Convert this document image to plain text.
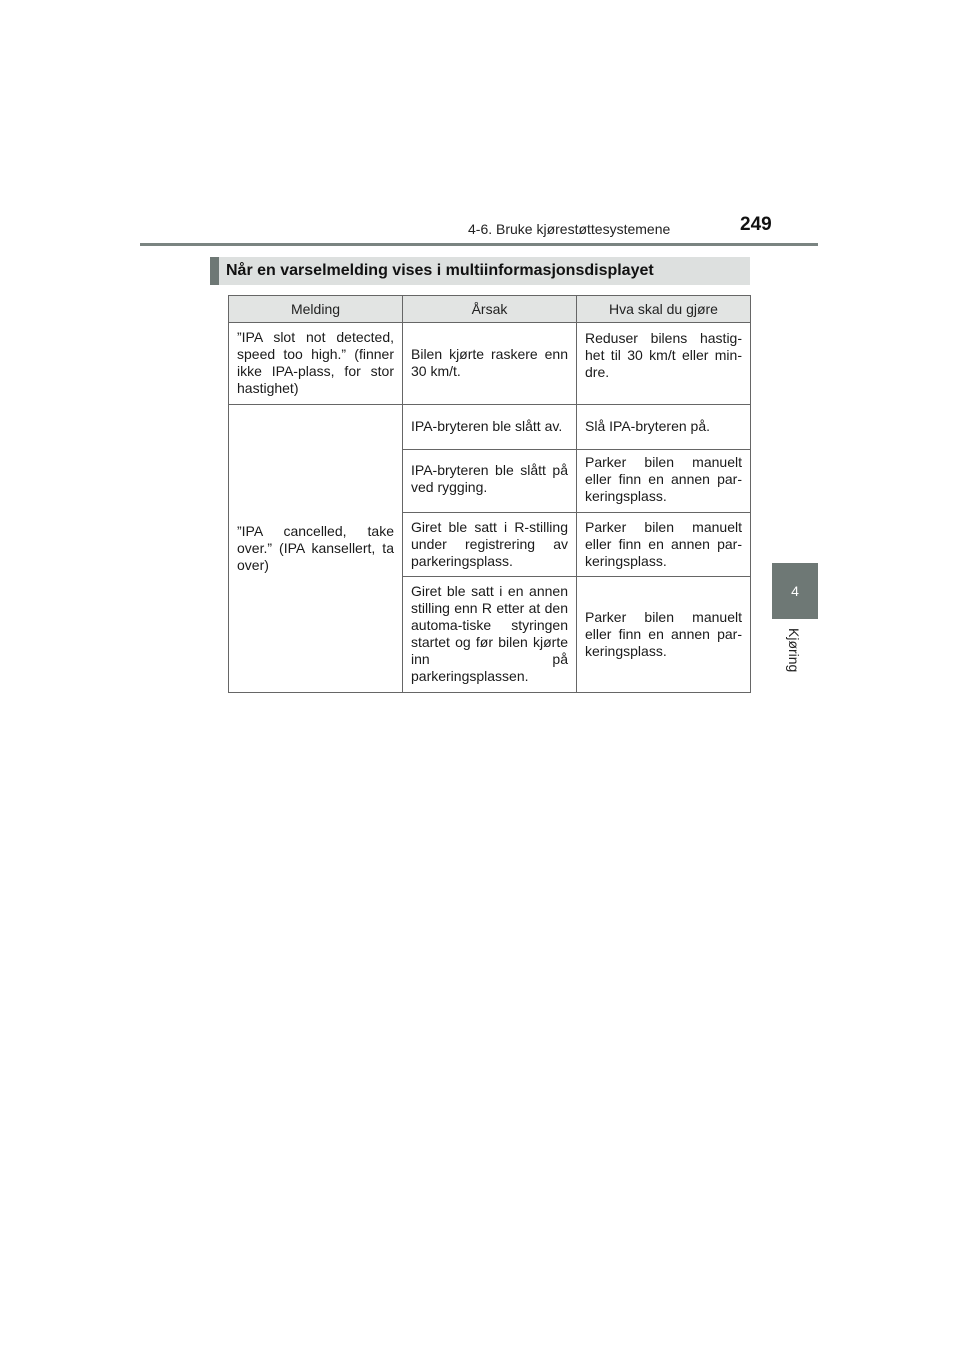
4-6. Bruke kjørestøttesystemene	249
4
Kjøring
Når en varselmelding vises i multiinformasjonsdisplayet
Melding	Årsak	Hva skal du gjøre
”IPA slot not detected, speed too high.” (finner ikke IPA-plass, for stor hastighet)	Bilen kjørte raskere enn 30 km/t.	Reduser bilens hastig-het til 30 km/t eller min-dre.
”IPA cancelled, take over.” (IPA kansellert, ta over)	IPA-bryteren ble slått av.	Slå IPA-bryteren på.
	IPA-bryteren ble slått på ved rygging.	Parker bilen manuelt eller finn en annen par-keringsplass.
	Giret ble satt i R-stilling under registrering av parkeringsplass.	Parker bilen manuelt eller finn en annen par-keringsplass.
	Giret ble satt i en annen stilling enn R etter at den automa-tiske styringen startet og før bilen kjørte inn på parkeringsplassen.	Parker bilen manuelt eller finn en annen par-keringsplass.
